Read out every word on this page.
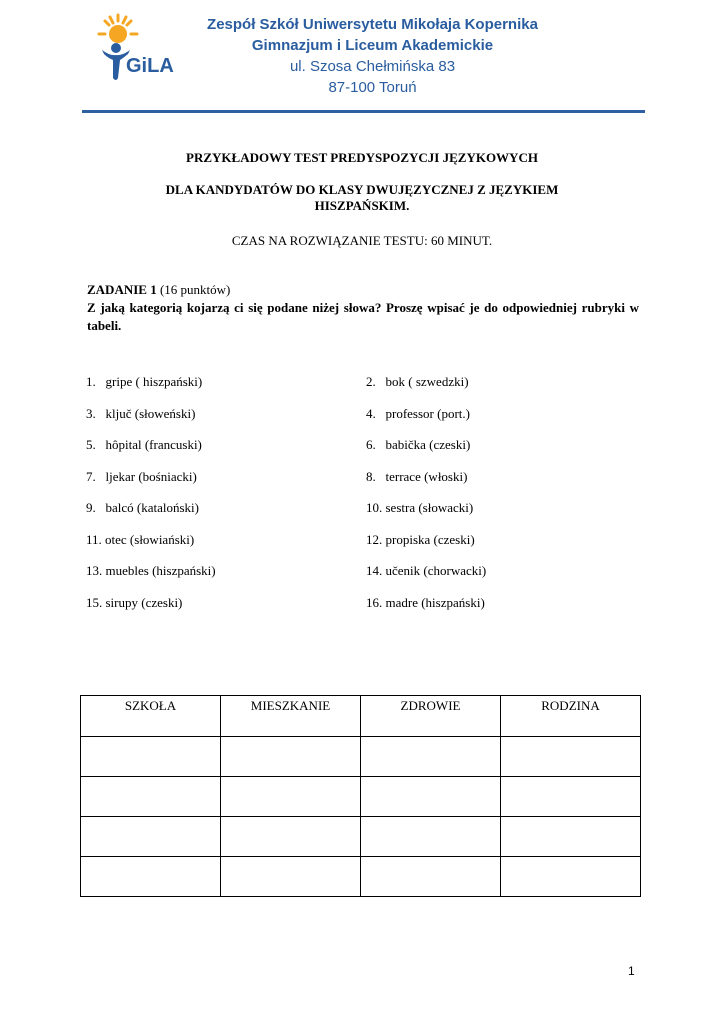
GiLA
Zespół Szkół Uniwersytetu Mikołaja Kopernika
Gimnazjum i Liceum Akademickie
ul. Szosa Chełmińska 83
87-100 Toruń
PRZYKŁADOWY TEST PREDYSPOZYCJI JĘZYKOWYCH
DLA KANDYDATÓW DO KLASY DWUJĘZYCZNEJ Z JĘZYKIEM
HISZPAŃSKIM.
CZAS NA ROZWIĄZANIE TESTU: 60 MINUT.
ZADANIE 1 (16 punktów)
Z jaką kategorią kojarzą ci się podane niżej słowa? Proszę wpisać je do odpowiedniej rubryki w tabeli.
1. gripe ( hiszpański)	2. bok ( szwedzki)
3. ključ (słoweński)	4. professor (port.)
5. hôpital (francuski)	6. babička (czeski)
7. ljekar (bośniacki)	8. terrace (włoski)
9. balcó (kataloński)	10. sestra (słowacki)
11. otec (słowiański)	12. propiska (czeski)
13. muebles (hiszpański)	14. učenik (chorwacki)
15. sirupy (czeski)	16. madre (hiszpański)
SZKOŁA	MIESZKANIE	ZDROWIE	RODZINA

1
